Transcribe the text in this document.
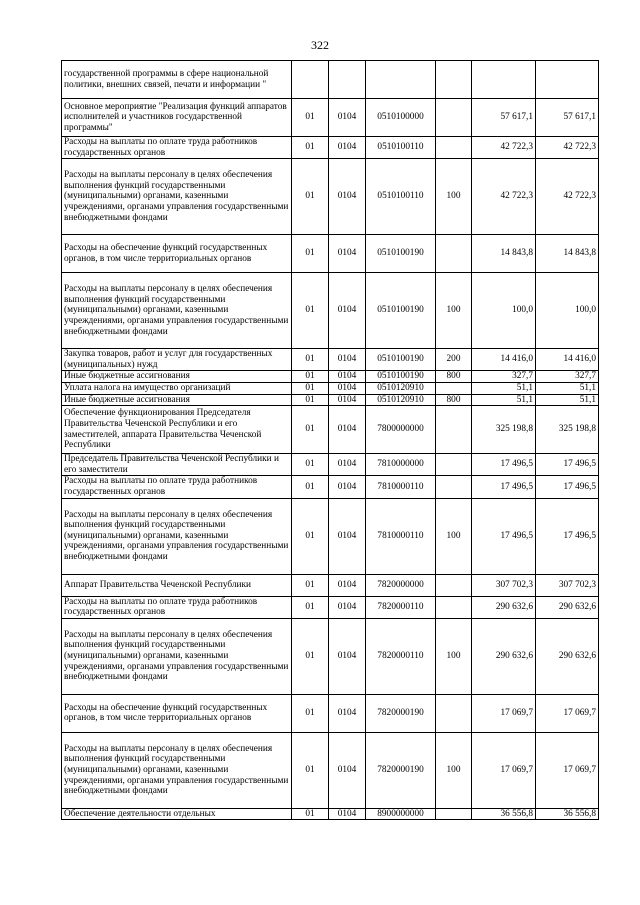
322
государственной программы в сфере национальной политики, внешних связей, печати и информации "						
Основное мероприятие "Реализация функций аппаратов исполнителей и участников государственной программы"	01	0104	0510100000		57 617,1	57 617,1
Расходы на выплаты по оплате труда работников государственных органов	01	0104	0510100110		42 722,3	42 722,3
Расходы на выплаты персоналу в целях обеспечения выполнения функций государственными (муниципальными) органами, казенными учреждениями, органами управления государственными внебюджетными фондами	01	0104	0510100110	100	42 722,3	42 722,3
Расходы на обеспечение функций государственных органов, в том числе территориальных органов	01	0104	0510100190		14 843,8	14 843,8
Расходы на выплаты персоналу в целях обеспечения выполнения функций государственными (муниципальными) органами, казенными учреждениями, органами управления государственными внебюджетными фондами	01	0104	0510100190	100	100,0	100,0
Закупка товаров, работ и услуг для государственных (муниципальных) нужд	01	0104	0510100190	200	14 416,0	14 416,0
Иные бюджетные ассигнования	01	0104	0510100190	800	327,7	327,7
Уплата налога на имущество организаций	01	0104	0510120910		51,1	51,1
Иные бюджетные ассигнования	01	0104	0510120910	800	51,1	51,1
Обеспечение функционирования Председателя Правительства Чеченской Республики и его заместителей, аппарата Правительства Чеченской Республики	01	0104	7800000000		325 198,8	325 198,8
Председатель Правительства Чеченской Республики и его заместители	01	0104	7810000000		17 496,5	17 496,5
Расходы на выплаты по оплате труда работников государственных органов	01	0104	7810000110		17 496,5	17 496,5
Расходы на выплаты персоналу в целях обеспечения выполнения функций государственными (муниципальными) органами, казенными учреждениями, органами управления государственными внебюджетными фондами	01	0104	7810000110	100	17 496,5	17 496,5
Аппарат Правительства Чеченской Республики	01	0104	7820000000		307 702,3	307 702,3
Расходы на выплаты по оплате труда работников государственных органов	01	0104	7820000110		290 632,6	290 632,6
Расходы на выплаты персоналу в целях обеспечения выполнения функций государственными (муниципальными) органами, казенными учреждениями, органами управления государственными внебюджетными фондами	01	0104	7820000110	100	290 632,6	290 632,6
Расходы на обеспечение функций государственных органов, в том числе территориальных органов	01	0104	7820000190		17 069,7	17 069,7
Расходы на выплаты персоналу в целях обеспечения выполнения функций государственными (муниципальными) органами, казенными учреждениями, органами управления государственными внебюджетными фондами	01	0104	7820000190	100	17 069,7	17 069,7
Обеспечение деятельности отдельных	01	0104	8900000000		36 556,8	36 556,8
